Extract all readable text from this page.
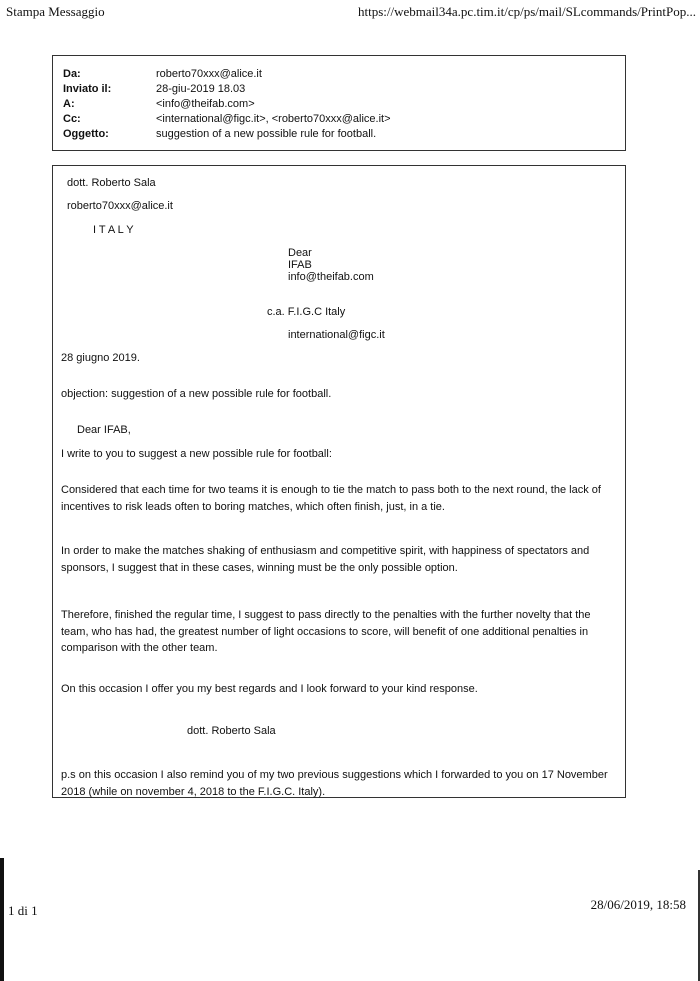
Stampa Messaggio	https://webmail34a.pc.tim.it/cp/ps/mail/SLcommands/PrintPop...
Da:	roberto70xxx@alice.it
Inviato il:	28-giu-2019 18.03
A:	<info@theifab.com>
Cc:	<international@figc.it>, <roberto70xxx@alice.it>
Oggetto:	suggestion of a new possible rule for football.
dott. Roberto Sala
roberto70xxx@alice.it
I T A L Y
Dear
IFAB
info@theifab.com
c.a. F.I.G.C Italy
international@figc.it
28 giugno 2019.
objection: suggestion of a new possible rule for football.
Dear IFAB,
I write to you to suggest a new possible rule for football:
Considered that each time for two teams it is enough to tie the match to pass both to the next round, the lack of incentives to risk leads often to boring matches, which often finish, just, in a tie.
In order to make the matches shaking of enthusiasm and competitive spirit, with happiness of spectators and sponsors, I suggest that in these cases, winning must be the only possible option.
Therefore, finished the regular time, I suggest to pass directly to the penalties with the further novelty that the team, who has had, the greatest number of light occasions to score, will benefit of one additional penalties in comparison with the other team.
On this occasion I offer you my best regards and I look forward to your kind response.
dott. Roberto Sala
p.s on this occasion I also remind you of my two previous suggestions which I forwarded to you on 17 November 2018 (while on november 4, 2018 to the F.I.G.C. Italy).
1 di 1	28/06/2019, 18:58
